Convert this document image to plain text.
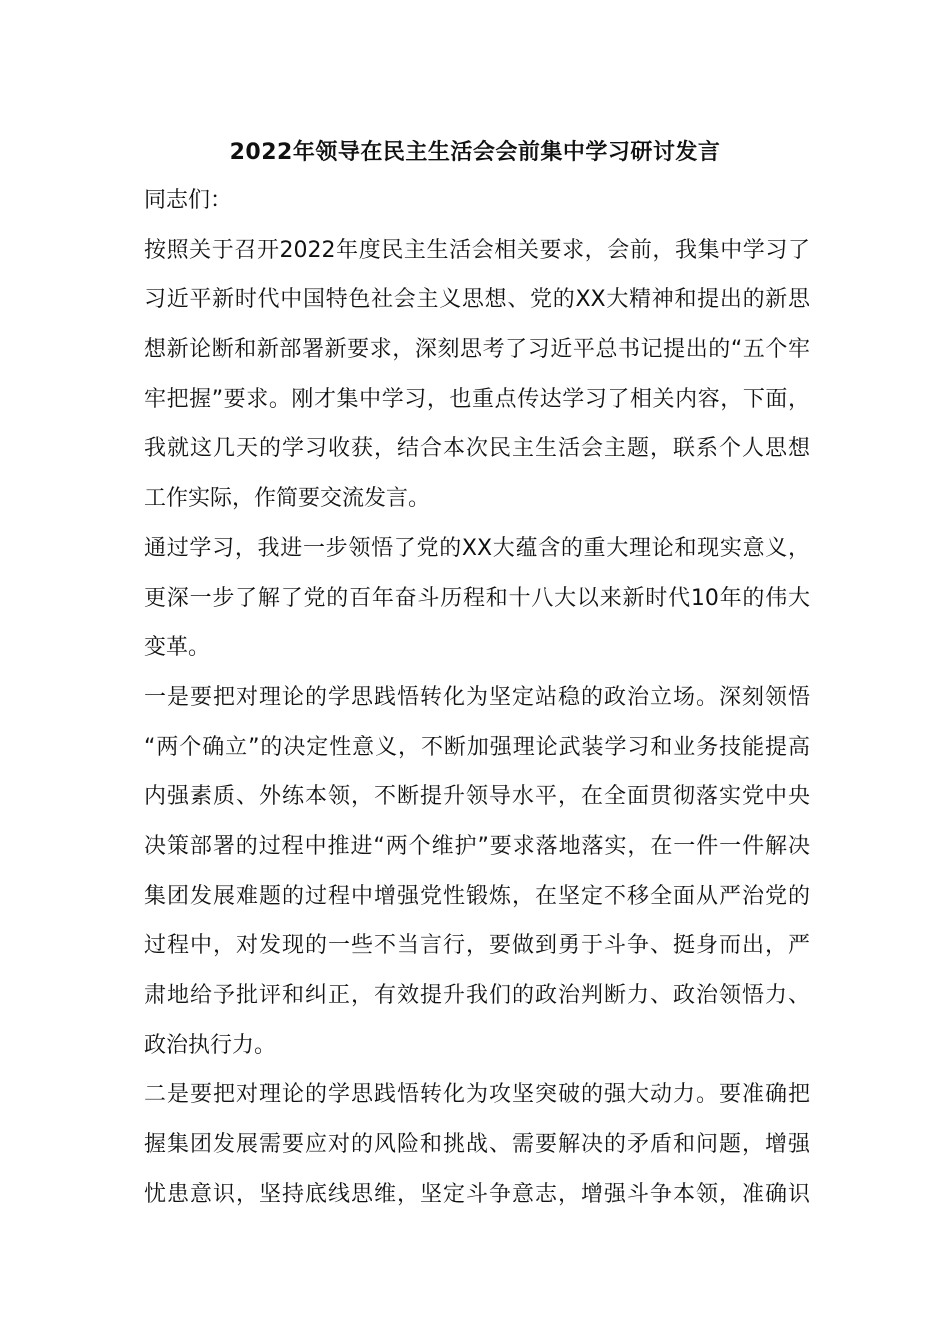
2022年领导在民主生活会会前集中学习研讨发言
同志们：
按照关于召开2022年度民主生活会相关要求，会前，我集中学习了
习近平新时代中国特色社会主义思想、党的XX大精神和提出的新思
想新论断和新部署新要求，深刻思考了习近平总书记提出的“五个牢
牢把握”要求。刚才集中学习，也重点传达学习了相关内容，下面，
我就这几天的学习收获，结合本次民主生活会主题，联系个人思想
工作实际，作简要交流发言。
通过学习，我进一步领悟了党的XX大蕴含的重大理论和现实意义，
更深一步了解了党的百年奋斗历程和十八大以来新时代10年的伟大
变革。
一是要把对理论的学思践悟转化为坚定站稳的政治立场。深刻领悟
“两个确立”的决定性意义，不断加强理论武装学习和业务技能提高
内强素质、外练本领，不断提升领导水平，在全面贯彻落实党中央
决策部署的过程中推进“两个维护”要求落地落实，在一件一件解决
集团发展难题的过程中增强党性锻炼，在坚定不移全面从严治党的
过程中，对发现的一些不当言行，要做到勇于斗争、挺身而出，严
肃地给予批评和纠正，有效提升我们的政治判断力、政治领悟力、
政治执行力。
二是要把对理论的学思践悟转化为攻坚突破的强大动力。要准确把
握集团发展需要应对的风险和挑战、需要解决的矛盾和问题，增强
忧患意识，坚持底线思维，坚定斗争意志，增强斗争本领，准确识
